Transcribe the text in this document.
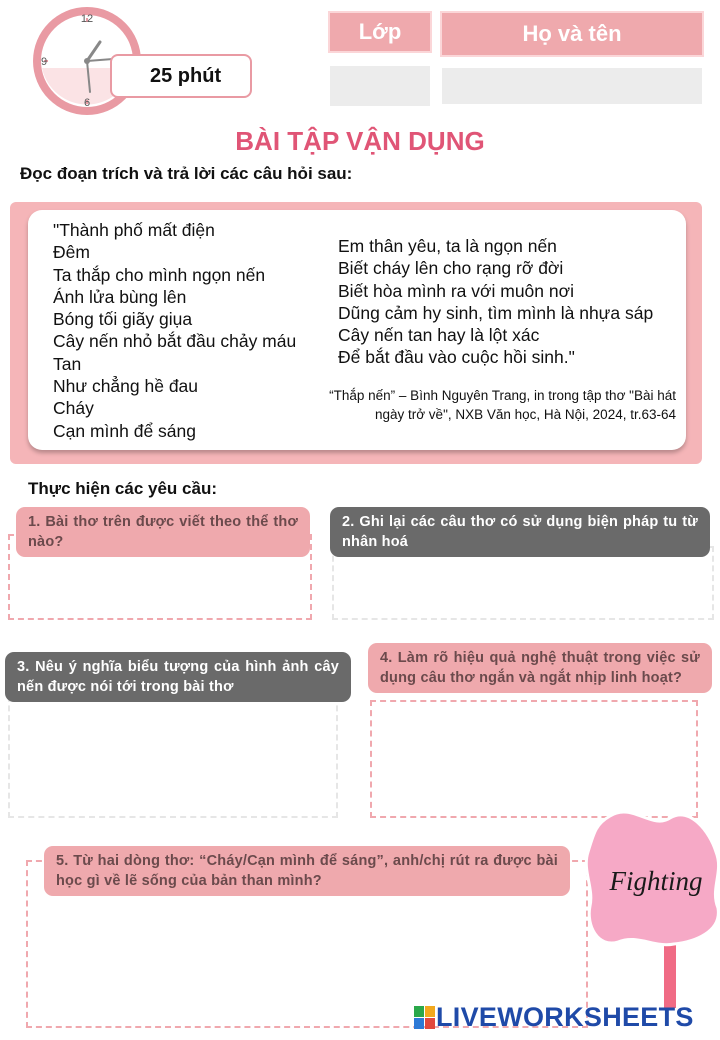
12
6
9
25 phút
Lớp	Họ và tên
BÀI TẬP VẬN DỤNG
Đọc đoạn trích và trả lời các câu hỏi sau:
"Thành phố mất điện
Đêm
Ta thắp cho mình ngọn nến
Ánh lửa bùng lên
Bóng tối giãy giụa
Cây nến nhỏ bắt đầu chảy máu
Tan
Như chẳng hề đau
Cháy
Cạn mình để sáng
Em thân yêu, ta là ngọn nến
Biết cháy lên cho rạng rỡ đời
Biết hòa mình ra với muôn nơi
Dũng cảm hy sinh, tìm mình là nhựa sáp
Cây nến tan hay là lột xác
Để bắt đầu vào cuộc hồi sinh."
“Thắp nến” – Bình Nguyên Trang, in trong tập thơ "Bài hát
ngày trở về", NXB Văn học, Hà Nội, 2024, tr.63-64
Thực hiện các yêu cầu:
1. Bài thơ trên được viết theo thể thơ nào?
2. Ghi lại các câu thơ có sử dụng biện pháp tu từ nhân hoá
3. Nêu ý nghĩa biểu tượng của hình ảnh cây nến được nói tới trong bài thơ
4. Làm rõ hiệu quả nghệ thuật trong việc sử dụng câu thơ ngắn và ngắt nhịp linh hoạt?
5. Từ hai dòng thơ: “Cháy/Cạn mình để sáng”, anh/chị rút ra được bài học gì về lẽ sống của bản than mình?	Fighting
LIVEWORKSHEETS
